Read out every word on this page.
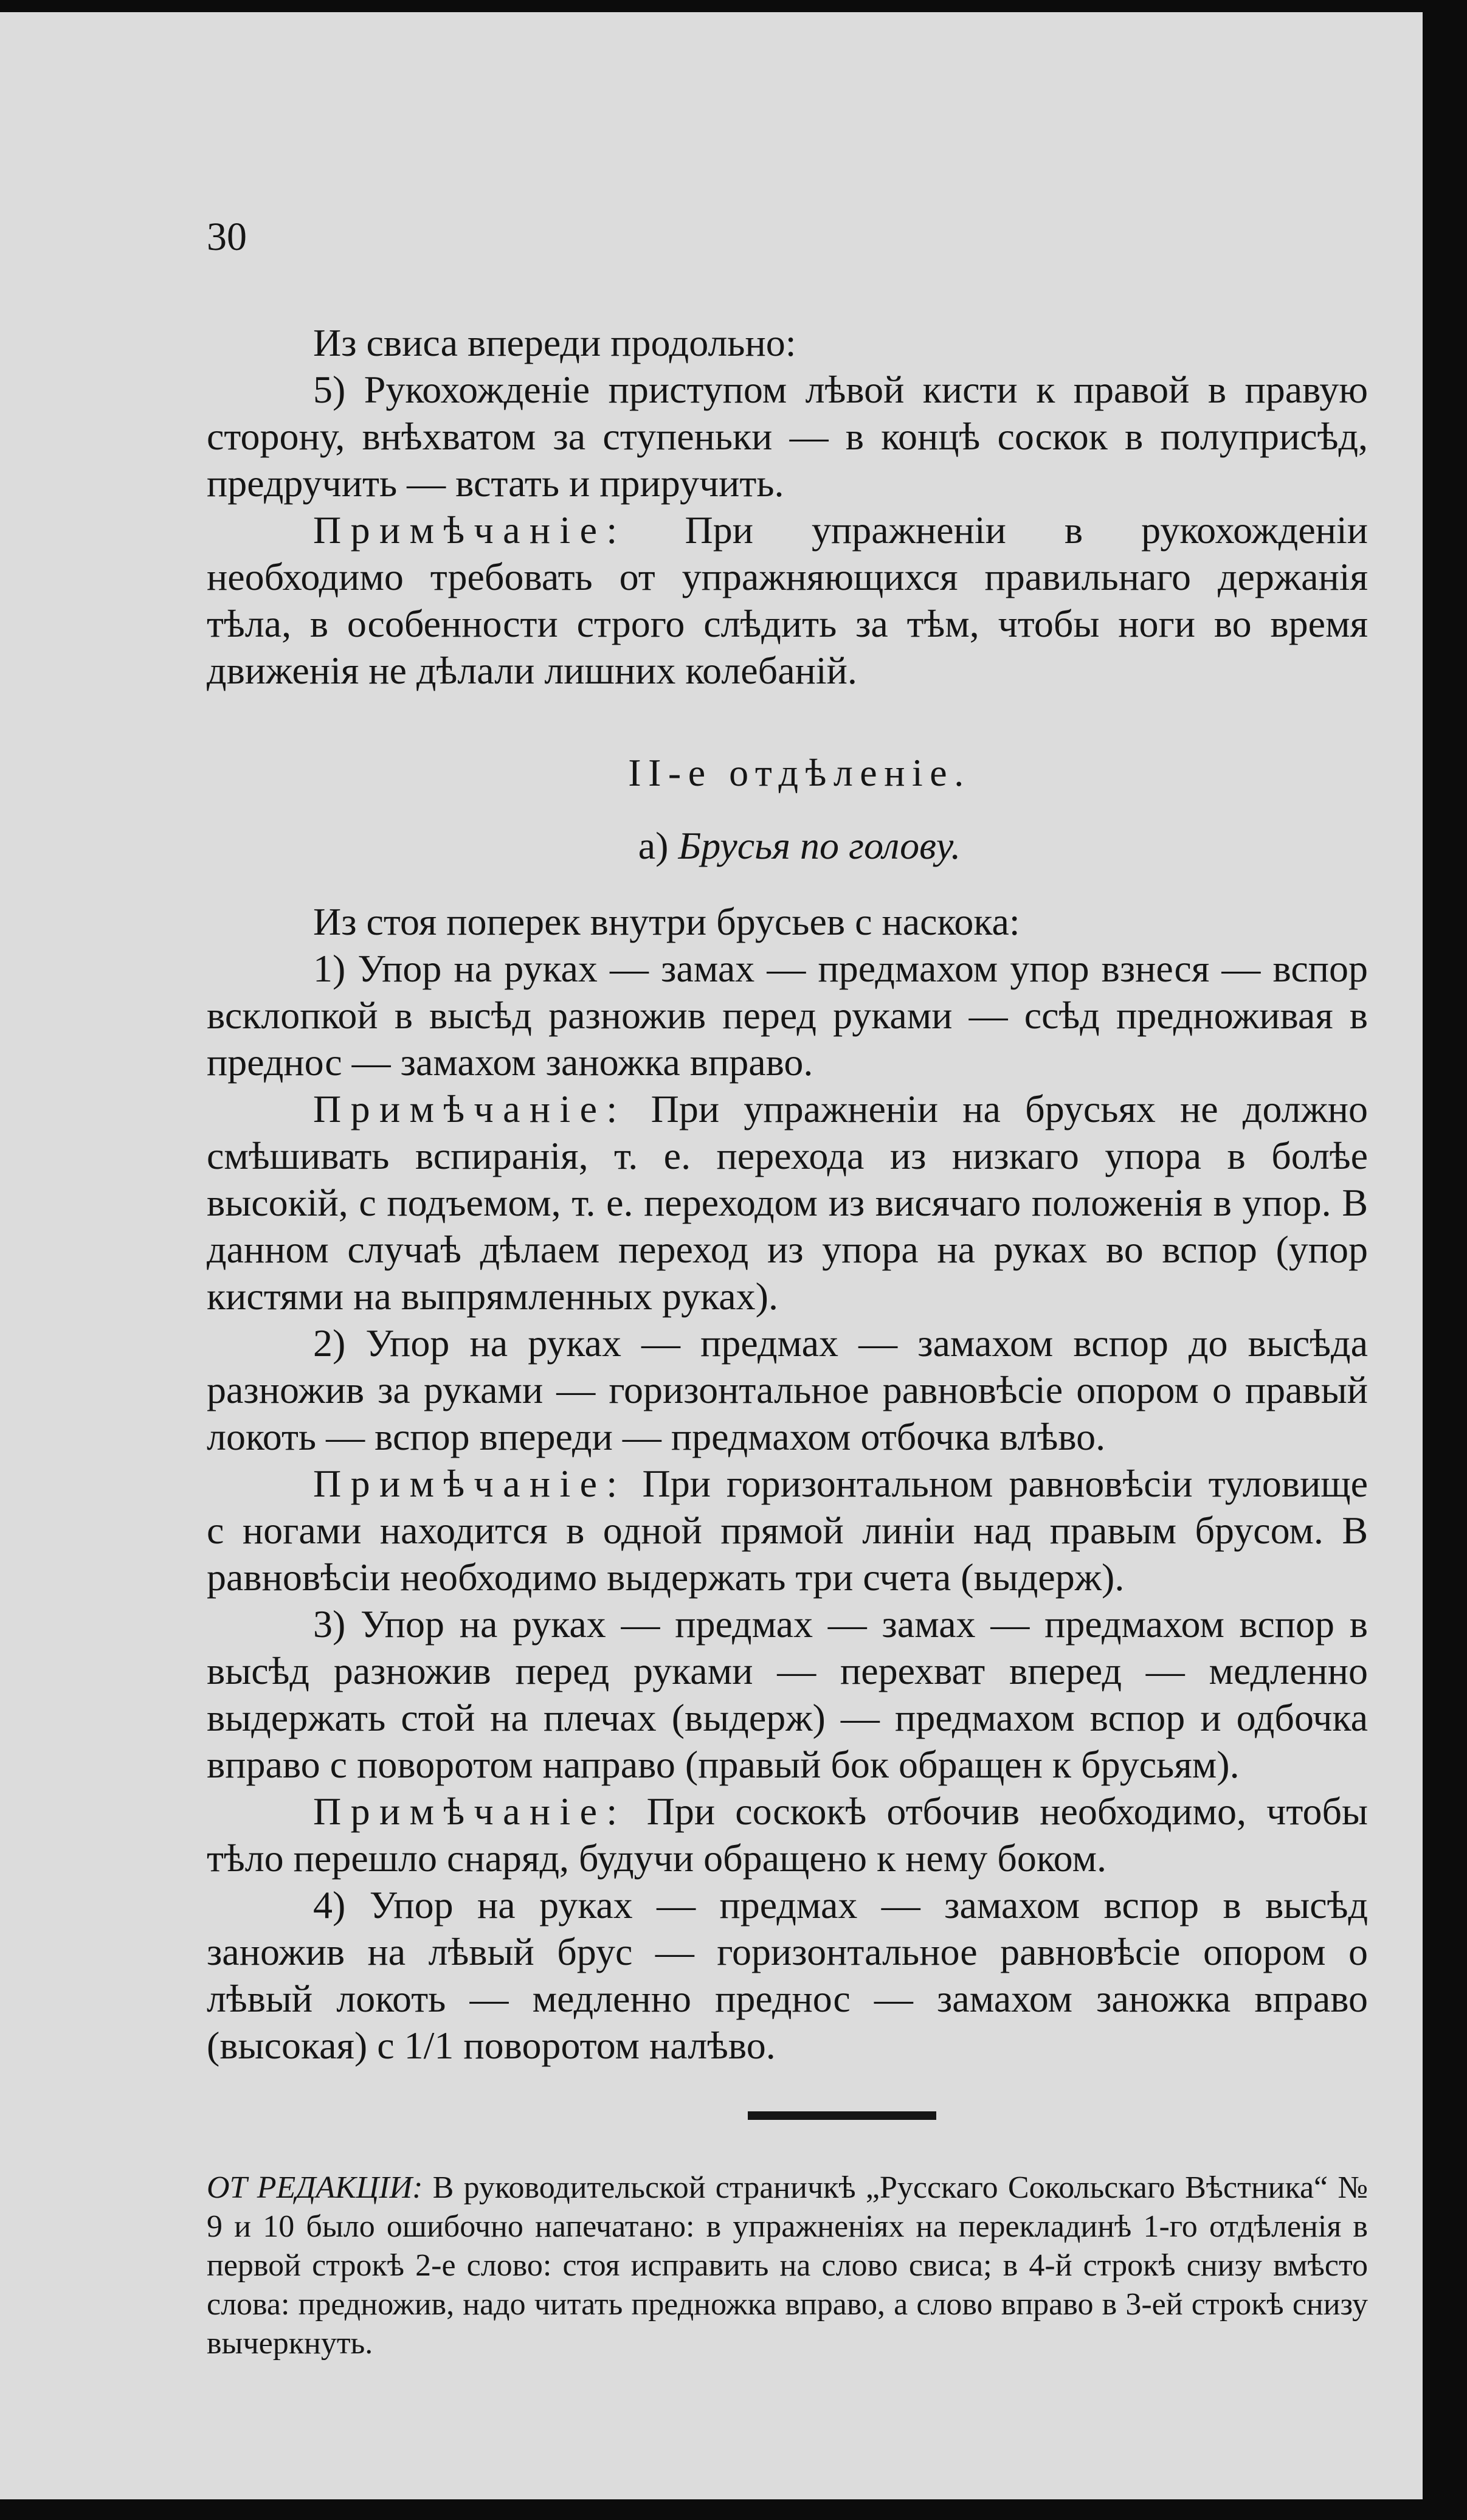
30

Из свиса впереди продольно:

5) Рукохожденіе приступом лѣвой кисти к правой в правую сторону, внѣхватом за ступеньки — в концѣ соскок в полуприсѣд, предручить — встать и приручить.

Примѣчаніе: При упражненіи в рукохожденіи необходимо требовать от упражняющихся правильнаго держанія тѣла, в особенности строго слѣдить за тѣм, чтобы ноги во время движенія не дѣлали лишних колебаній.

II-е отдѣленіе.
а) Брусья по голову.

Из стоя поперек внутри брусьев с наскока:

1) Упор на руках — замах — предмахом упор взнеся — вспор всклопкой в высѣд разножив перед руками — ссѣд предноживая в преднос — замахом заножка вправо.

Примѣчаніе: При упражненіи на брусьях не должно смѣшивать вспиранія, т. е. перехода из низкаго упора в болѣе высокій, с подъемом, т. е. переходом из висячаго положенія в упор. В данном случаѣ дѣлаем переход из упора на руках во вспор (упор кистями на выпрямленных руках).

2) Упор на руках — предмах — замахом вспор до высѣда разножив за руками — горизонтальное равновѣсіе опором о правый локоть — вспор впереди — предмахом отбочка влѣво.

Примѣчаніе: При горизонтальном равновѣсіи туловище с ногами находится в одной прямой линіи над правым брусом. В равновѣсіи необходимо выдержать три счета (выдерж).

3) Упор на руках — предмах — замах — предмахом вспор в высѣд разножив перед руками — перехват вперед — медленно выдержать стой на плечах (выдерж) — предмахом вспор и одбочка вправо с поворотом направо (правый бок обращен к брусьям).

Примѣчаніе: При соскокѣ отбочив необходимо, чтобы тѣло перешло снаряд, будучи обращено к нему боком.

4) Упор на руках — предмах — замахом вспор в высѣд заножив на лѣвый брус — горизонтальное равновѣсіе опором о лѣвый локоть — медленно преднос — замахом заножка вправо (высокая) с 1/1 поворотом налѣво.

ОТ РЕДАКЦІИ: В руководительской страничкѣ „Русскаго Сокольскаго Вѣстника“ № 9 и 10 было ошибочно напечатано: в упражненіях на перекладинѣ 1-го отдѣленія в первой строкѣ 2-е слово: стоя исправить на слово свиса; в 4-й строкѣ снизу вмѣсто слова: предножив, надо читать предножка вправо, а слово вправо в 3-ей строкѣ снизу вычеркнуть.
